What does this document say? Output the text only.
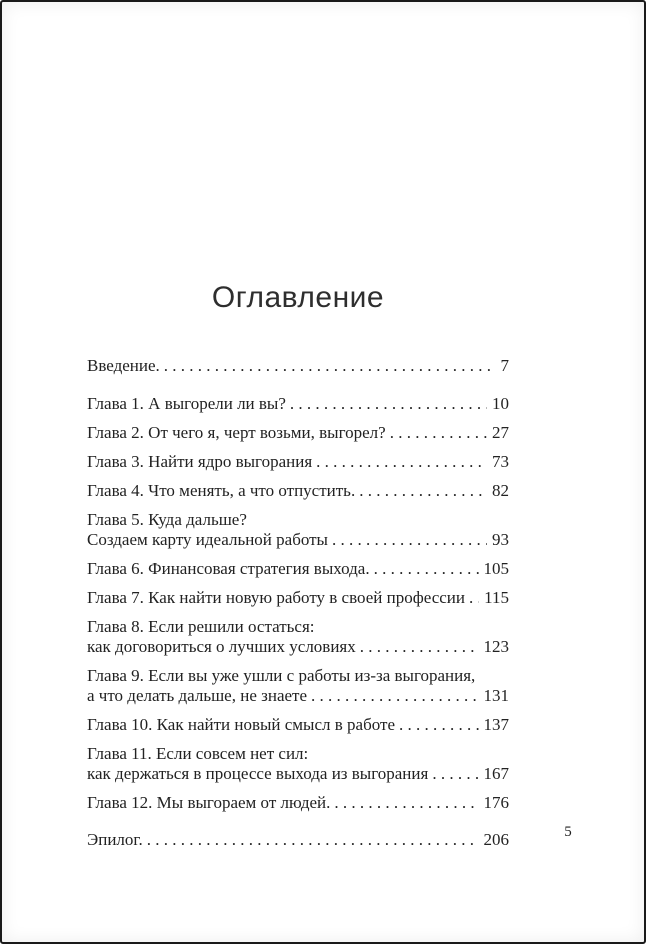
Оглавление
Введение. . . .	7
Глава 1. А выгорели ли вы? . . .	10
Глава 2. От чего я, черт возьми, выгорел? . . .	27
Глава 3. Найти ядро выгорания . . .	73
Глава 4. Что менять, а что отпустить. . . .	82
Глава 5. Куда дальше?
Создаем карту идеальной работы . . .	93
Глава 6. Финансовая стратегия выхода. . . .	105
Глава 7. Как найти новую работу в своей профессии . . . 115
Глава 8. Если решили остаться:
как договориться о лучших условиях . . .	123
Глава 9. Если вы уже ушли с работы из-за выгорания,
а что делать дальше, не знаете . . .	131
Глава 10. Как найти новый смысл в работе . . .	137
Глава 11. Если совсем нет сил:
как держаться в процессе выхода из выгорания . . .	167
Глава 12. Мы выгораем от людей. . . .	176
Эпилог. . . .	206	5
